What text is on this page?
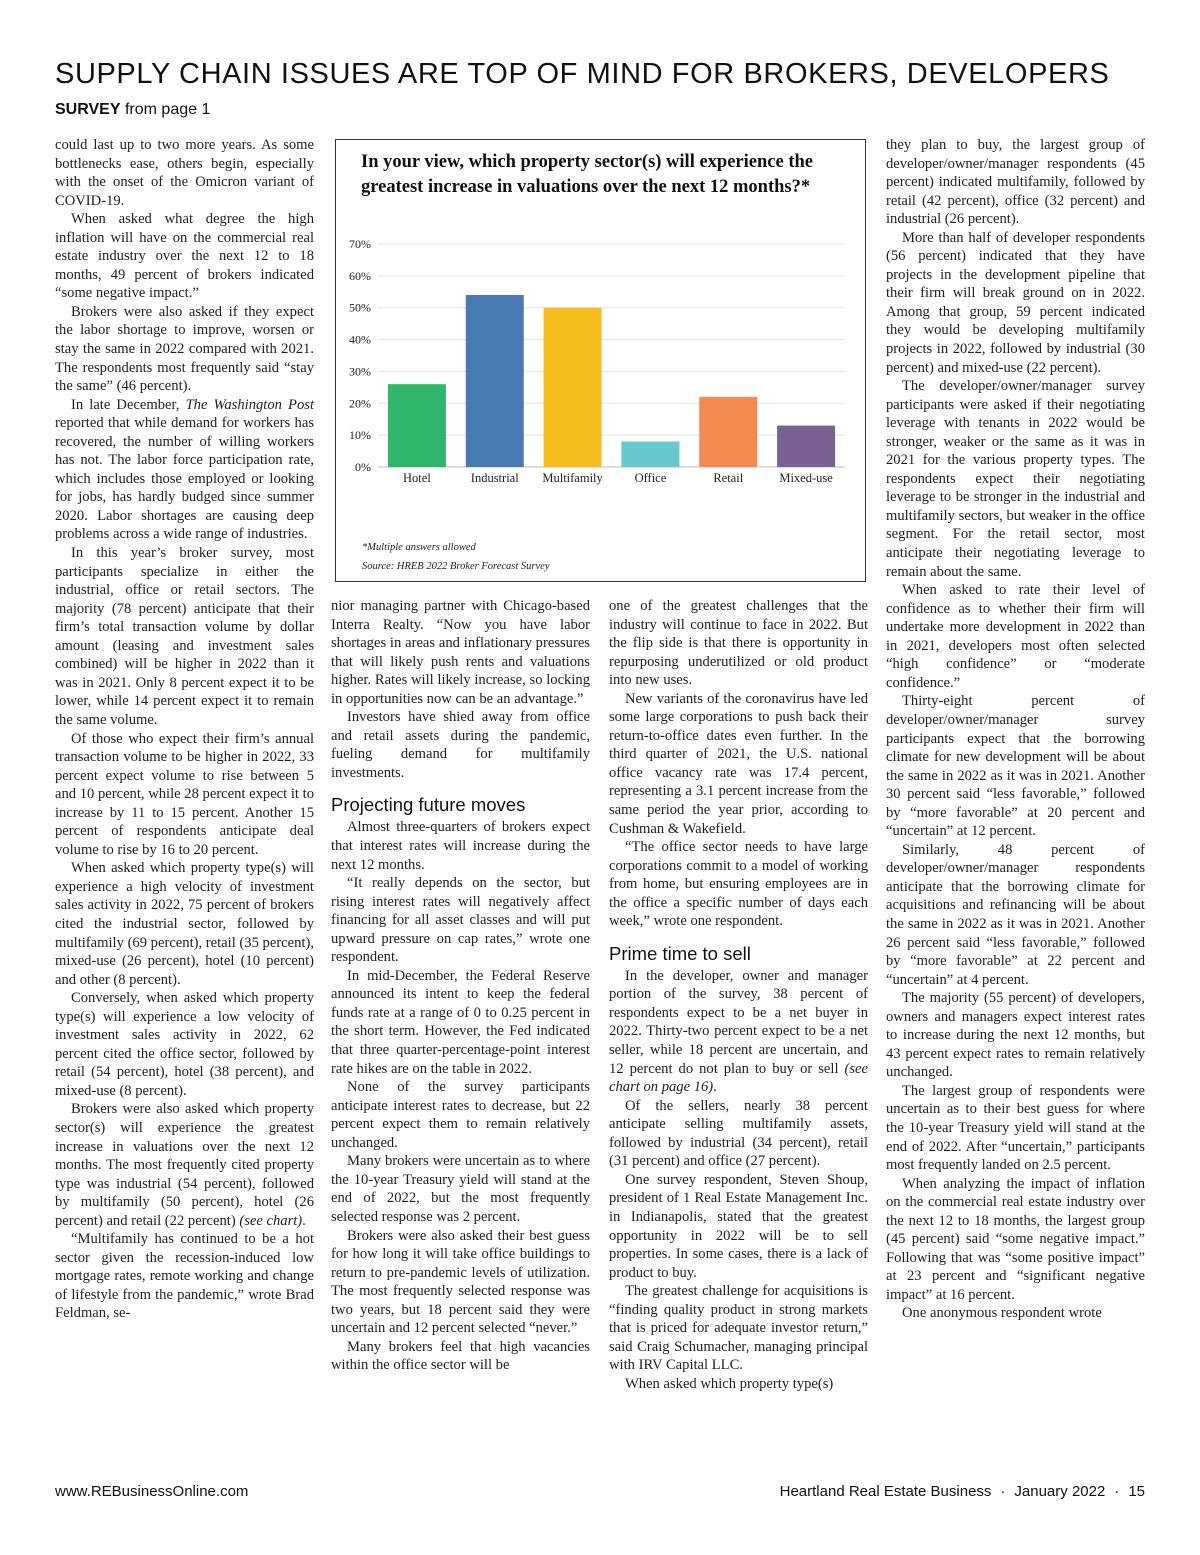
SUPPLY CHAIN ISSUES ARE TOP OF MIND FOR BROKERS, DEVELOPERS
SURVEY from page 1

could last up to two more years. As some bottlenecks ease, others begin, especially with the onset of the Omicron variant of COVID-19.

When asked what degree the high inflation will have on the commercial real estate industry over the next 12 to 18 months, 49 percent of brokers indicated “some negative impact.”

Brokers were also asked if they expect the labor shortage to improve, worsen or stay the same in 2022 compared with 2021. The respondents most frequently said “stay the same” (46 percent).

In late December, The Washington Post reported that while demand for workers has recovered, the number of willing workers has not. The labor force participation rate, which includes those employed or looking for jobs, has hardly budged since summer 2020. Labor shortages are causing deep problems across a wide range of industries.

In this year’s broker survey, most participants specialize in either the industrial, office or retail sectors. The majority (78 percent) anticipate that their firm’s total transaction volume by dollar amount (leasing and investment sales combined) will be higher in 2022 than it was in 2021. Only 8 percent expect it to be lower, while 14 percent expect it to remain the same volume.

Of those who expect their firm’s annual transaction volume to be higher in 2022, 33 percent expect volume to rise between 5 and 10 percent, while 28 percent expect it to increase by 11 to 15 percent. Another 15 percent of respondents anticipate deal volume to rise by 16 to 20 percent.

When asked which property type(s) will experience a high velocity of investment sales activity in 2022, 75 percent of brokers cited the industrial sector, followed by multifamily (69 percent), retail (35 percent), mixed-use (26 percent), hotel (10 percent) and other (8 percent).

Conversely, when asked which property type(s) will experience a low velocity of investment sales activity in 2022, 62 percent cited the office sector, followed by retail (54 percent), hotel (38 percent), and mixed-use (8 percent).

Brokers were also asked which property sector(s) will experience the greatest increase in valuations over the next 12 months. The most frequently cited property type was industrial (54 percent), followed by multifamily (50 percent), hotel (26 percent) and retail (22 percent) (see chart).

“Multifamily has continued to be a hot sector given the recession-induced low mortgage rates, remote working and change of lifestyle from the pandemic,” wrote Brad Feldman, se-

In your view, which property sector(s) will experience the greatest increase in valuations over the next 12 months?*
0%
10%
20%
30%
40%
50%
60%
70%
Hotel	Industrial Multifamily	Office	Retail	Mixed-use
*Multiple answers allowed
Source: HREB 2022 Broker Forecast Survey

nior managing partner with Chicago-based Interra Realty. “Now you have labor shortages in areas and inflationary pressures that will likely push rents and valuations higher. Rates will likely increase, so locking in opportunities now can be an advantage.”

Investors have shied away from office and retail assets during the pandemic, fueling demand for multifamily investments.

Projecting future moves

Almost three-quarters of brokers expect that interest rates will increase during the next 12 months.

“It really depends on the sector, but rising interest rates will negatively affect financing for all asset classes and will put upward pressure on cap rates,” wrote one respondent.

In mid-December, the Federal Reserve announced its intent to keep the federal funds rate at a range of 0 to 0.25 percent in the short term. However, the Fed indicated that three quarter-percentage-point interest rate hikes are on the table in 2022.

None of the survey participants anticipate interest rates to decrease, but 22 percent expect them to remain relatively unchanged.

Many brokers were uncertain as to where the 10-year Treasury yield will stand at the end of 2022, but the most frequently selected response was 2 percent.

Brokers were also asked their best guess for how long it will take office buildings to return to pre-pandemic levels of utilization. The most frequently selected response was two years, but 18 percent said they were uncertain and 12 percent selected “never.”

Many brokers feel that high vacancies within the office sector will be

one of the greatest challenges that the industry will continue to face in 2022. But the flip side is that there is opportunity in repurposing underutilized or old product into new uses.

New variants of the coronavirus have led some large corporations to push back their return-to-office dates even further. In the third quarter of 2021, the U.S. national office vacancy rate was 17.4 percent, representing a 3.1 percent increase from the same period the year prior, according to Cushman & Wakefield.

“The office sector needs to have large corporations commit to a model of working from home, but ensuring employees are in the office a specific number of days each week,” wrote one respondent.

Prime time to sell

In the developer, owner and manager portion of the survey, 38 percent of respondents expect to be a net buyer in 2022. Thirty-two percent expect to be a net seller, while 18 percent are uncertain, and 12 percent do not plan to buy or sell (see chart on page 16).

Of the sellers, nearly 38 percent anticipate selling multifamily assets, followed by industrial (34 percent), retail (31 percent) and office (27 percent).

One survey respondent, Steven Shoup, president of 1 Real Estate Management Inc. in Indianapolis, stated that the greatest opportunity in 2022 will be to sell properties. In some cases, there is a lack of product to buy.

The greatest challenge for acquisitions is “finding quality product in strong markets that is priced for adequate investor return,” said Craig Schumacher, managing principal with IRV Capital LLC.

When asked which property type(s)

they plan to buy, the largest group of developer/owner/manager respondents (45 percent) indicated multifamily, followed by retail (42 percent), office (32 percent) and industrial (26 percent).

More than half of developer respondents (56 percent) indicated that they have projects in the development pipeline that their firm will break ground on in 2022. Among that group, 59 percent indicated they would be developing multifamily projects in 2022, followed by industrial (30 percent) and mixed-use (22 percent).

The developer/owner/manager survey participants were asked if their negotiating leverage with tenants in 2022 would be stronger, weaker or the same as it was in 2021 for the various property types. The respondents expect their negotiating leverage to be stronger in the industrial and multifamily sectors, but weaker in the office segment. For the retail sector, most anticipate their negotiating leverage to remain about the same.

When asked to rate their level of confidence as to whether their firm will undertake more development in 2022 than in 2021, developers most often selected “high confidence” or “moderate confidence.”

Thirty-eight percent of developer/owner/manager survey participants expect that the borrowing climate for new development will be about the same in 2022 as it was in 2021. Another 30 percent said “less favorable,” followed by “more favorable” at 20 percent and “uncertain” at 12 percent.

Similarly, 48 percent of developer/owner/manager respondents anticipate that the borrowing climate for acquisitions and refinancing will be about the same in 2022 as it was in 2021. Another 26 percent said “less favorable,” followed by “more favorable” at 22 percent and “uncertain” at 4 percent.

The majority (55 percent) of developers, owners and managers expect interest rates to increase during the next 12 months, but 43 percent expect rates to remain relatively unchanged.

The largest group of respondents were uncertain as to their best guess for where the 10-year Treasury yield will stand at the end of 2022. After “uncertain,” participants most frequently landed on 2.5 percent.

When analyzing the impact of inflation on the commercial real estate industry over the next 12 to 18 months, the largest group (45 percent) said “some negative impact.” Following that was “some positive impact” at 23 percent and “significant negative impact” at 16 percent.

One anonymous respondent wrote

www.REBusinessOnline.com	Heartland Real Estate Business · January 2022 · 15
